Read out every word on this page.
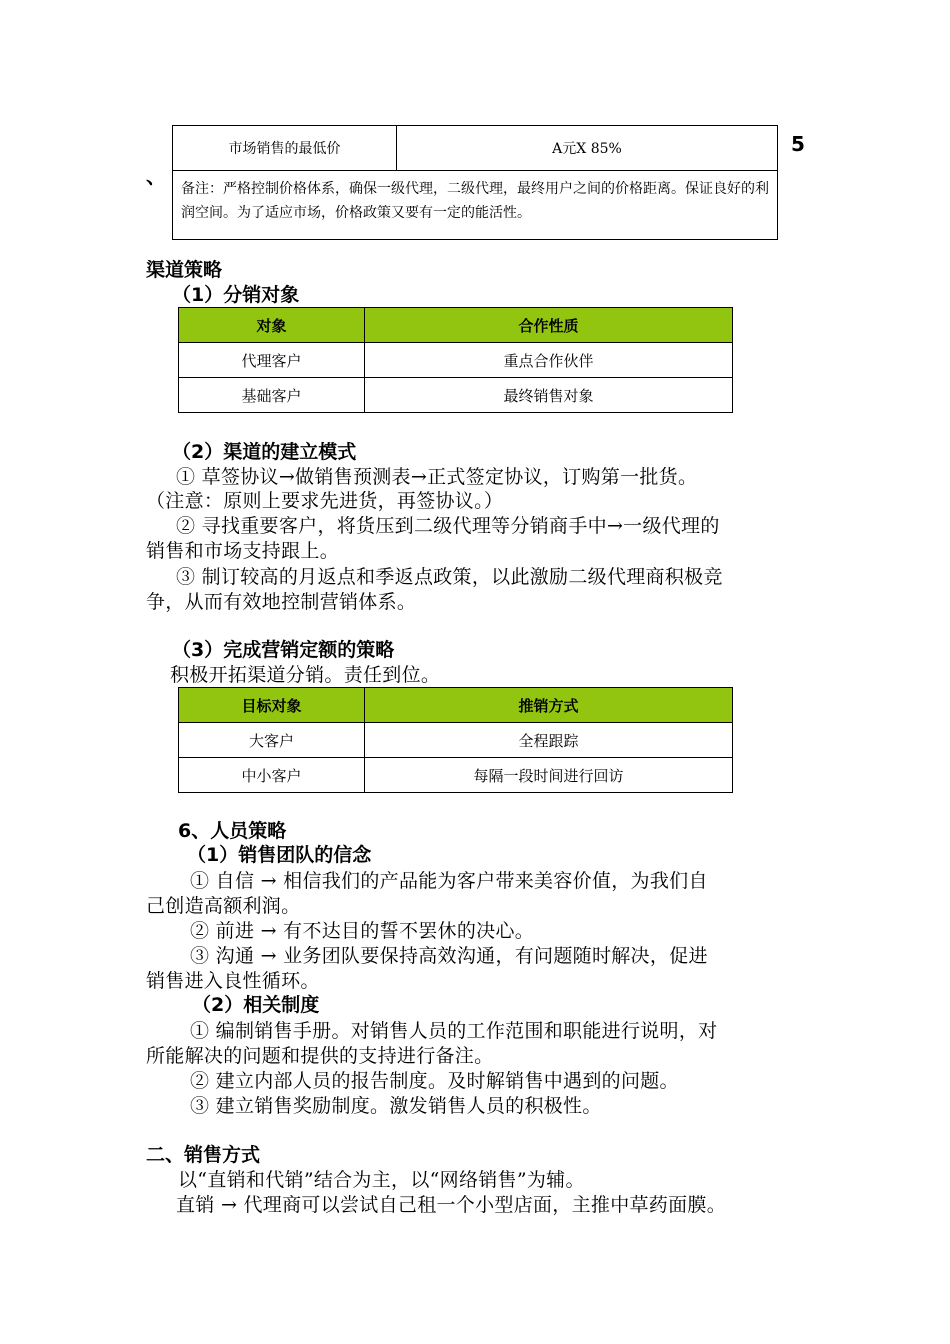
市场销售的最低价	A元X 85%
备注：严格控制价格体系，确保一级代理，二级代理，最终用户之间的价格距离。保证良好的利润空间。为了适应市场，价格政策又要有一定的能活性。
5
、
渠道策略
（1）分销对象
对象	合作性质
代理客户	重点合作伙伴
基础客户	最终销售对象
（2）渠道的建立模式
① 草签协议→做销售预测表→正式签定协议，订购第一批货。
（注意：原则上要求先进货，再签协议。）
② 寻找重要客户，将货压到二级代理等分销商手中→一级代理的
销售和市场支持跟上。
③ 制订较高的月返点和季返点政策，以此激励二级代理商积极竞
争，从而有效地控制营销体系。
（3）完成营销定额的策略
积极开拓渠道分销。责任到位。
目标对象	推销方式
大客户	全程跟踪
中小客户	每隔一段时间进行回访
6、人员策略
（1）销售团队的信念
① 自信 → 相信我们的产品能为客户带来美容价值，为我们自
己创造高额利润。
② 前进 → 有不达目的誓不罢休的决心。
③ 沟通 → 业务团队要保持高效沟通，有问题随时解决，促进
销售进入良性循环。
（2）相关制度
① 编制销售手册。对销售人员的工作范围和职能进行说明，对
所能解决的问题和提供的支持进行备注。
② 建立内部人员的报告制度。及时解销售中遇到的问题。
③ 建立销售奖励制度。激发销售人员的积极性。
二、销售方式
以“直销和代销”结合为主，以“网络销售”为辅。
直销 → 代理商可以尝试自己租一个小型店面，主推中草药面膜。
